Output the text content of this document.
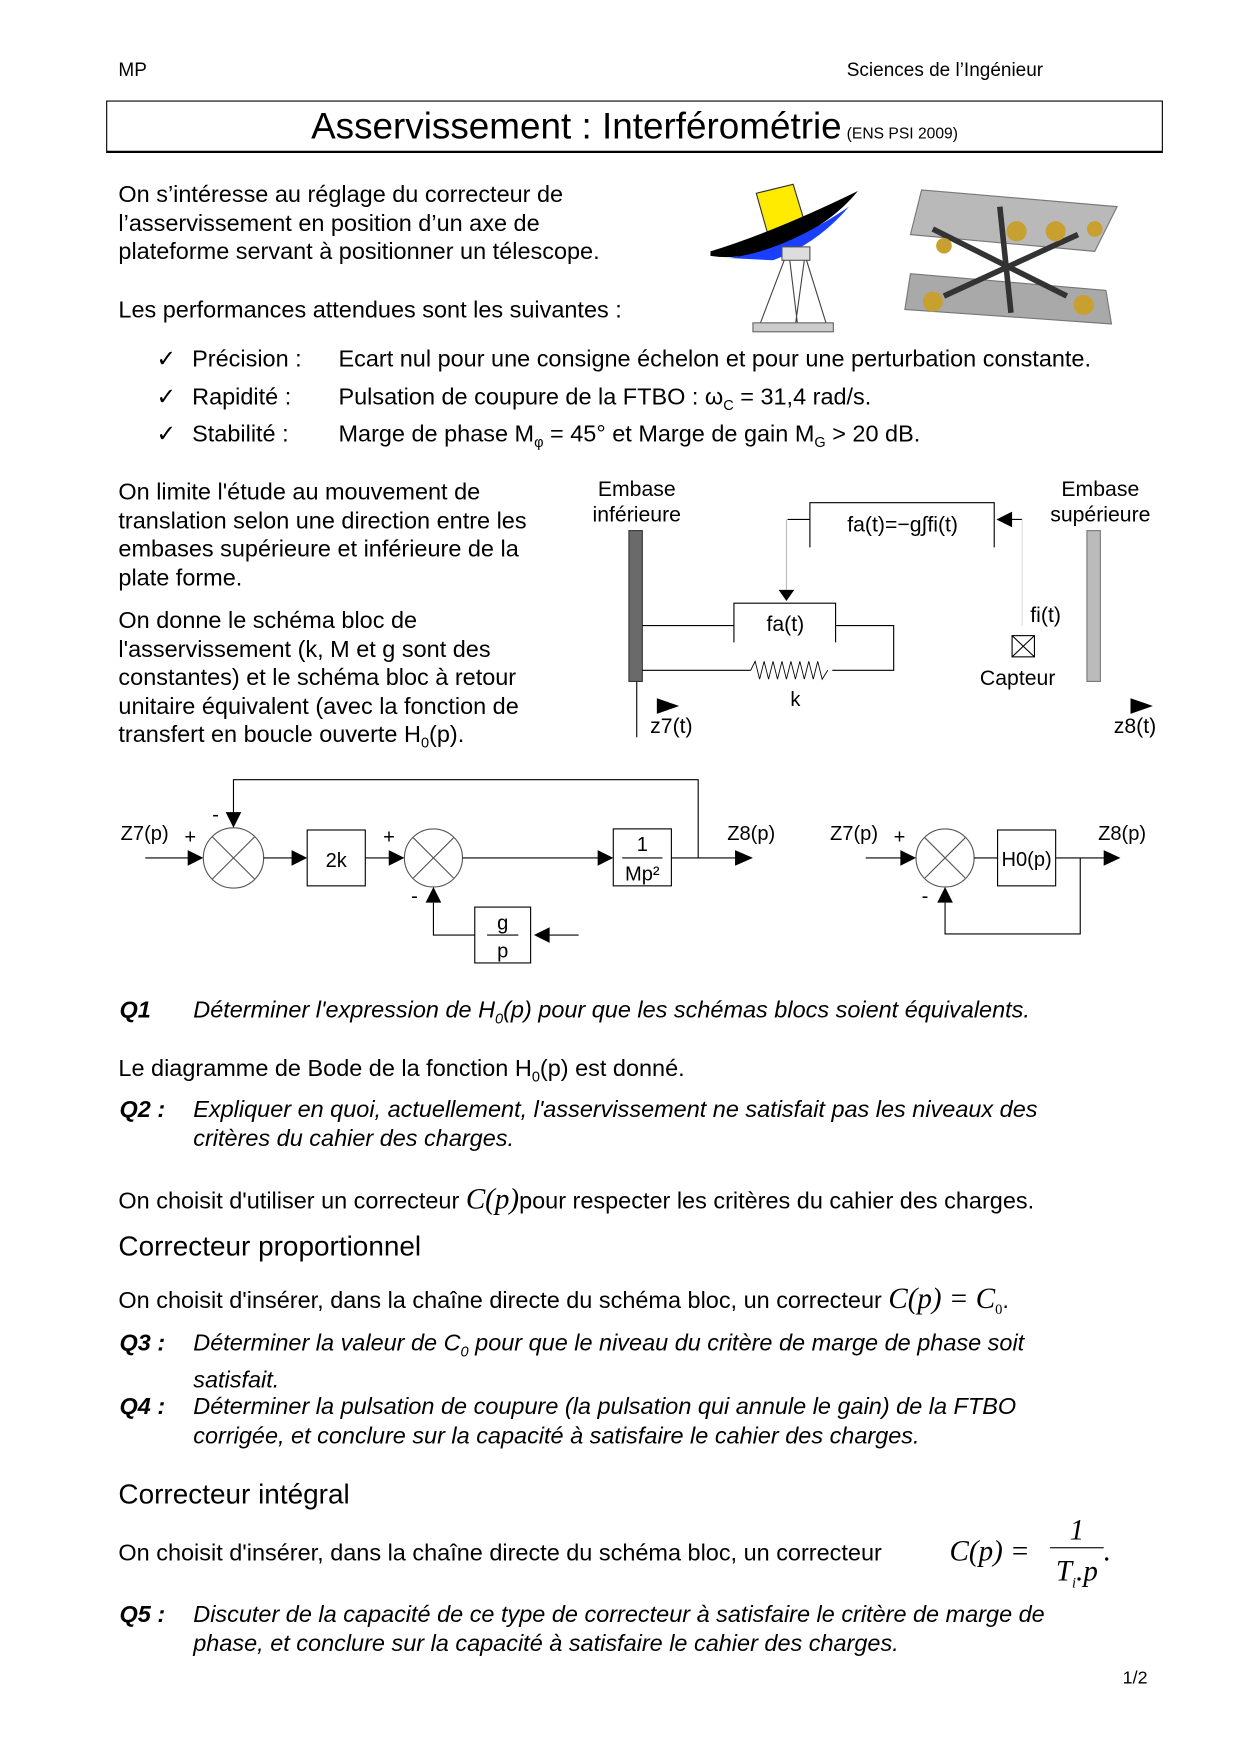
MP	Sciences de l’Ingénieur
Asservissement : Interférométrie (ENS PSI 2009)
On s’intéresse au réglage du correcteur de
l’asservissement en position d’un axe de
plateforme servant à positionner un télescope.
Les performances attendues sont les suivantes :
✓ Précision : Ecart nul pour une consigne échelon et pour une perturbation constante.
✓ Rapidité : Pulsation de coupure de la FTBO : $\omega_C = 31,4$ rad/s.
✓ Stabilité : Marge de phase $M_\varphi = 45^\circ$ et Marge de gain $M_G > 20$ dB.
On limite l'étude au mouvement de
translation selon une direction entre les
embases supérieure et inférieure de la
plate forme.
On donne le schéma bloc de
l'asservissement (k, M et g sont des
constantes) et le schéma bloc à retour
unitaire équivalent (avec la fonction de
transfert en boucle ouverte $H_0(p)$.
Embase
inférieure
Embase
supérieure
fa(t)=−g∫fi(t)
fa(t)
k
fi(t)
Capteur
z7(t)	z8(t)
Z7(p) +
-
2k
+
-
1
Mp²
Z8(p)
g
p
Z7(p) +
H0(p)
Z8(p)
-
Q1 Déterminer l'expression de $H_0(p)$ pour que les schémas blocs soient équivalents.
Le diagramme de Bode de la fonction $H_0(p)$ est donné.
Q2 : Expliquer en quoi, actuellement, l'asservissement ne satisfait pas les niveaux des
critères du cahier des charges.
On choisit d'utiliser un correcteur C(p)pour respecter les critères du cahier des charges.
Correcteur proportionnel
On choisit d'insérer, dans la chaîne directe du schéma bloc, un correcteur $C(p) = C_0$.
Q3 : Déterminer la valeur de $C_0$ pour que le niveau du critère de marge de phase soit
satisfait.
Q4 : Déterminer la pulsation de coupure (la pulsation qui annule le gain) de la FTBO
corrigée, et conclure sur la capacité à satisfaire le cahier des charges.
Correcteur intégral
On choisit d'insérer, dans la chaîne directe du schéma bloc, un correcteur	C(p) =
1
$T_i.p$
.
Q5 : Discuter de la capacité de ce type de correcteur à satisfaire le critère de marge de
phase, et conclure sur la capacité à satisfaire le cahier des charges.
1/2
